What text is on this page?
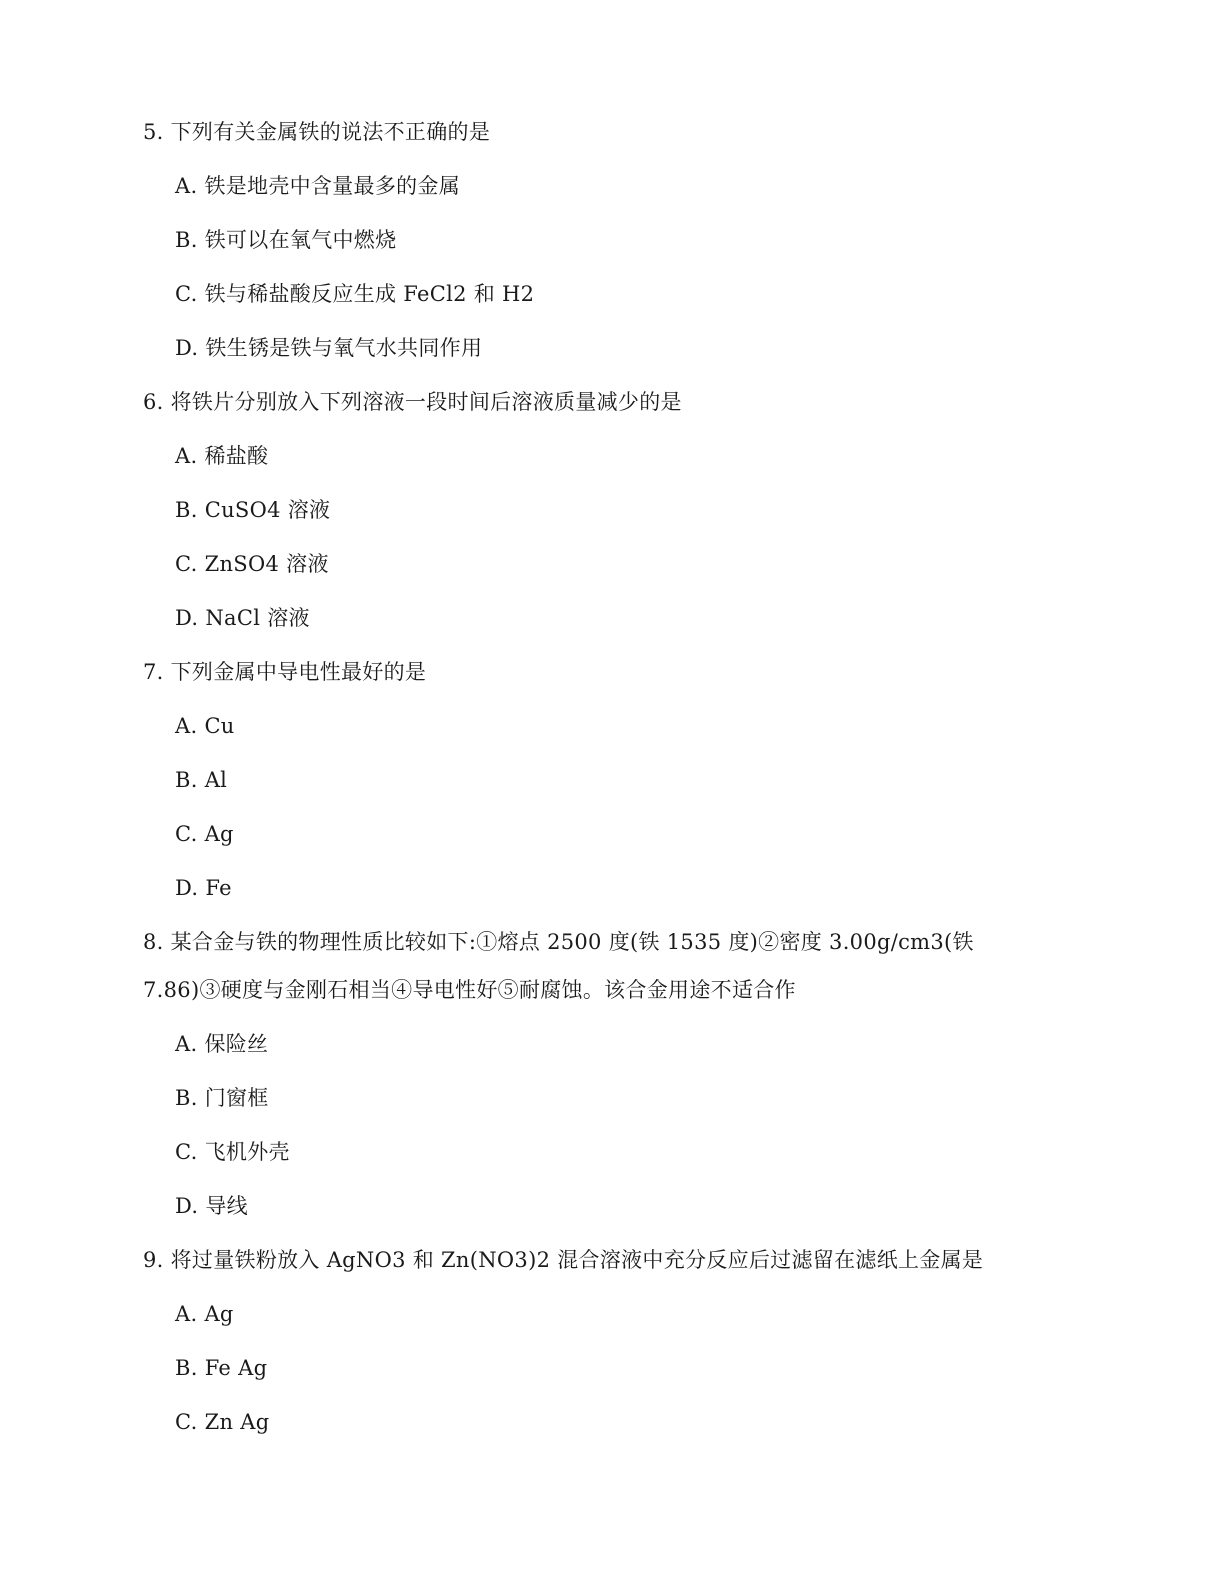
5. 下列有关金属铁的说法不正确的是
A. 铁是地壳中含量最多的金属
B. 铁可以在氧气中燃烧
C. 铁与稀盐酸反应生成 FeCl2 和 H2
D. 铁生锈是铁与氧气水共同作用
6. 将铁片分别放入下列溶液一段时间后溶液质量减少的是
A. 稀盐酸
B. CuSO4 溶液
C. ZnSO4 溶液
D. NaCl 溶液
7. 下列金属中导电性最好的是
A. Cu
B. Al
C. Ag
D. Fe
8. 某合金与铁的物理性质比较如下:①熔点 2500 度(铁 1535 度)②密度 3.00g/cm3(铁
7.86)③硬度与金刚石相当④导电性好⑤耐腐蚀。该合金用途不适合作
A. 保险丝
B. 门窗框
C. 飞机外壳
D. 导线
9. 将过量铁粉放入 AgNO3 和 Zn(NO3)2 混合溶液中充分反应后过滤留在滤纸上金属是
A. Ag
B. Fe Ag
C. Zn Ag
